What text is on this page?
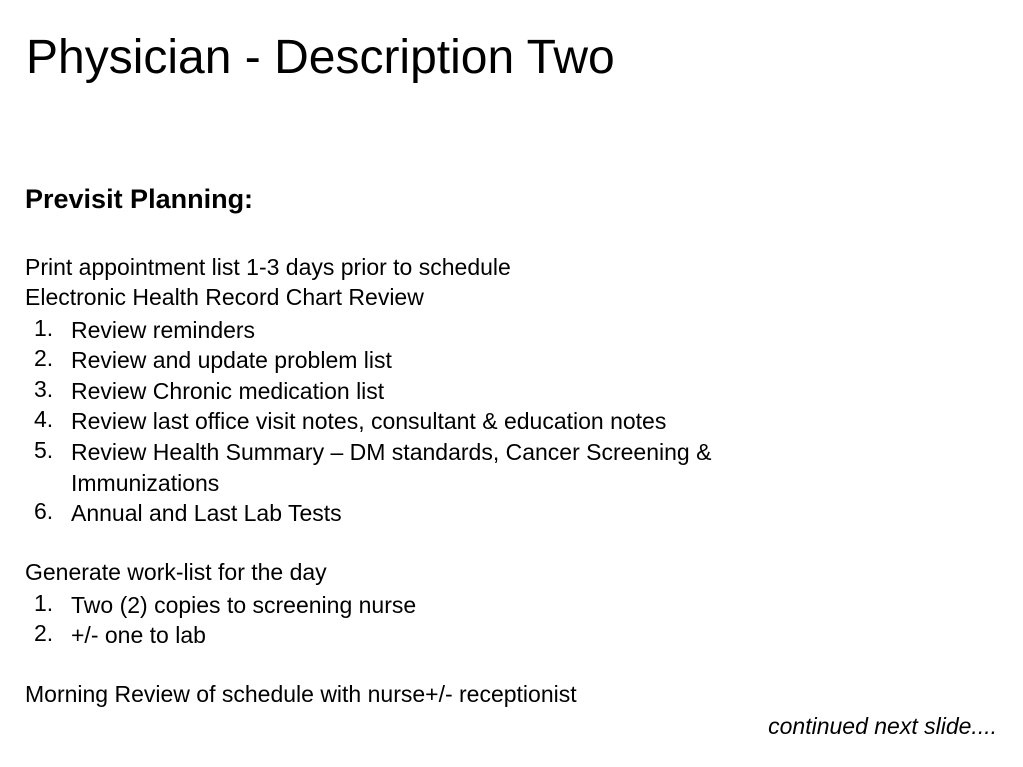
Physician - Description Two
Previsit Planning:

Print appointment list 1-3 days prior to schedule

Electronic Health Record Chart Review

1. Review reminders
2. Review and update problem list
3. Review Chronic medication list
4. Review last office visit notes, consultant & education notes
5. Review Health Summary – DM standards, Cancer Screening &
Immunizations
6. Annual and Last Lab Tests

Generate work-list for the day

1. Two (2) copies to screening nurse
2. +/- one to lab

Morning Review of schedule with nurse+/- receptionist

continued next slide....
